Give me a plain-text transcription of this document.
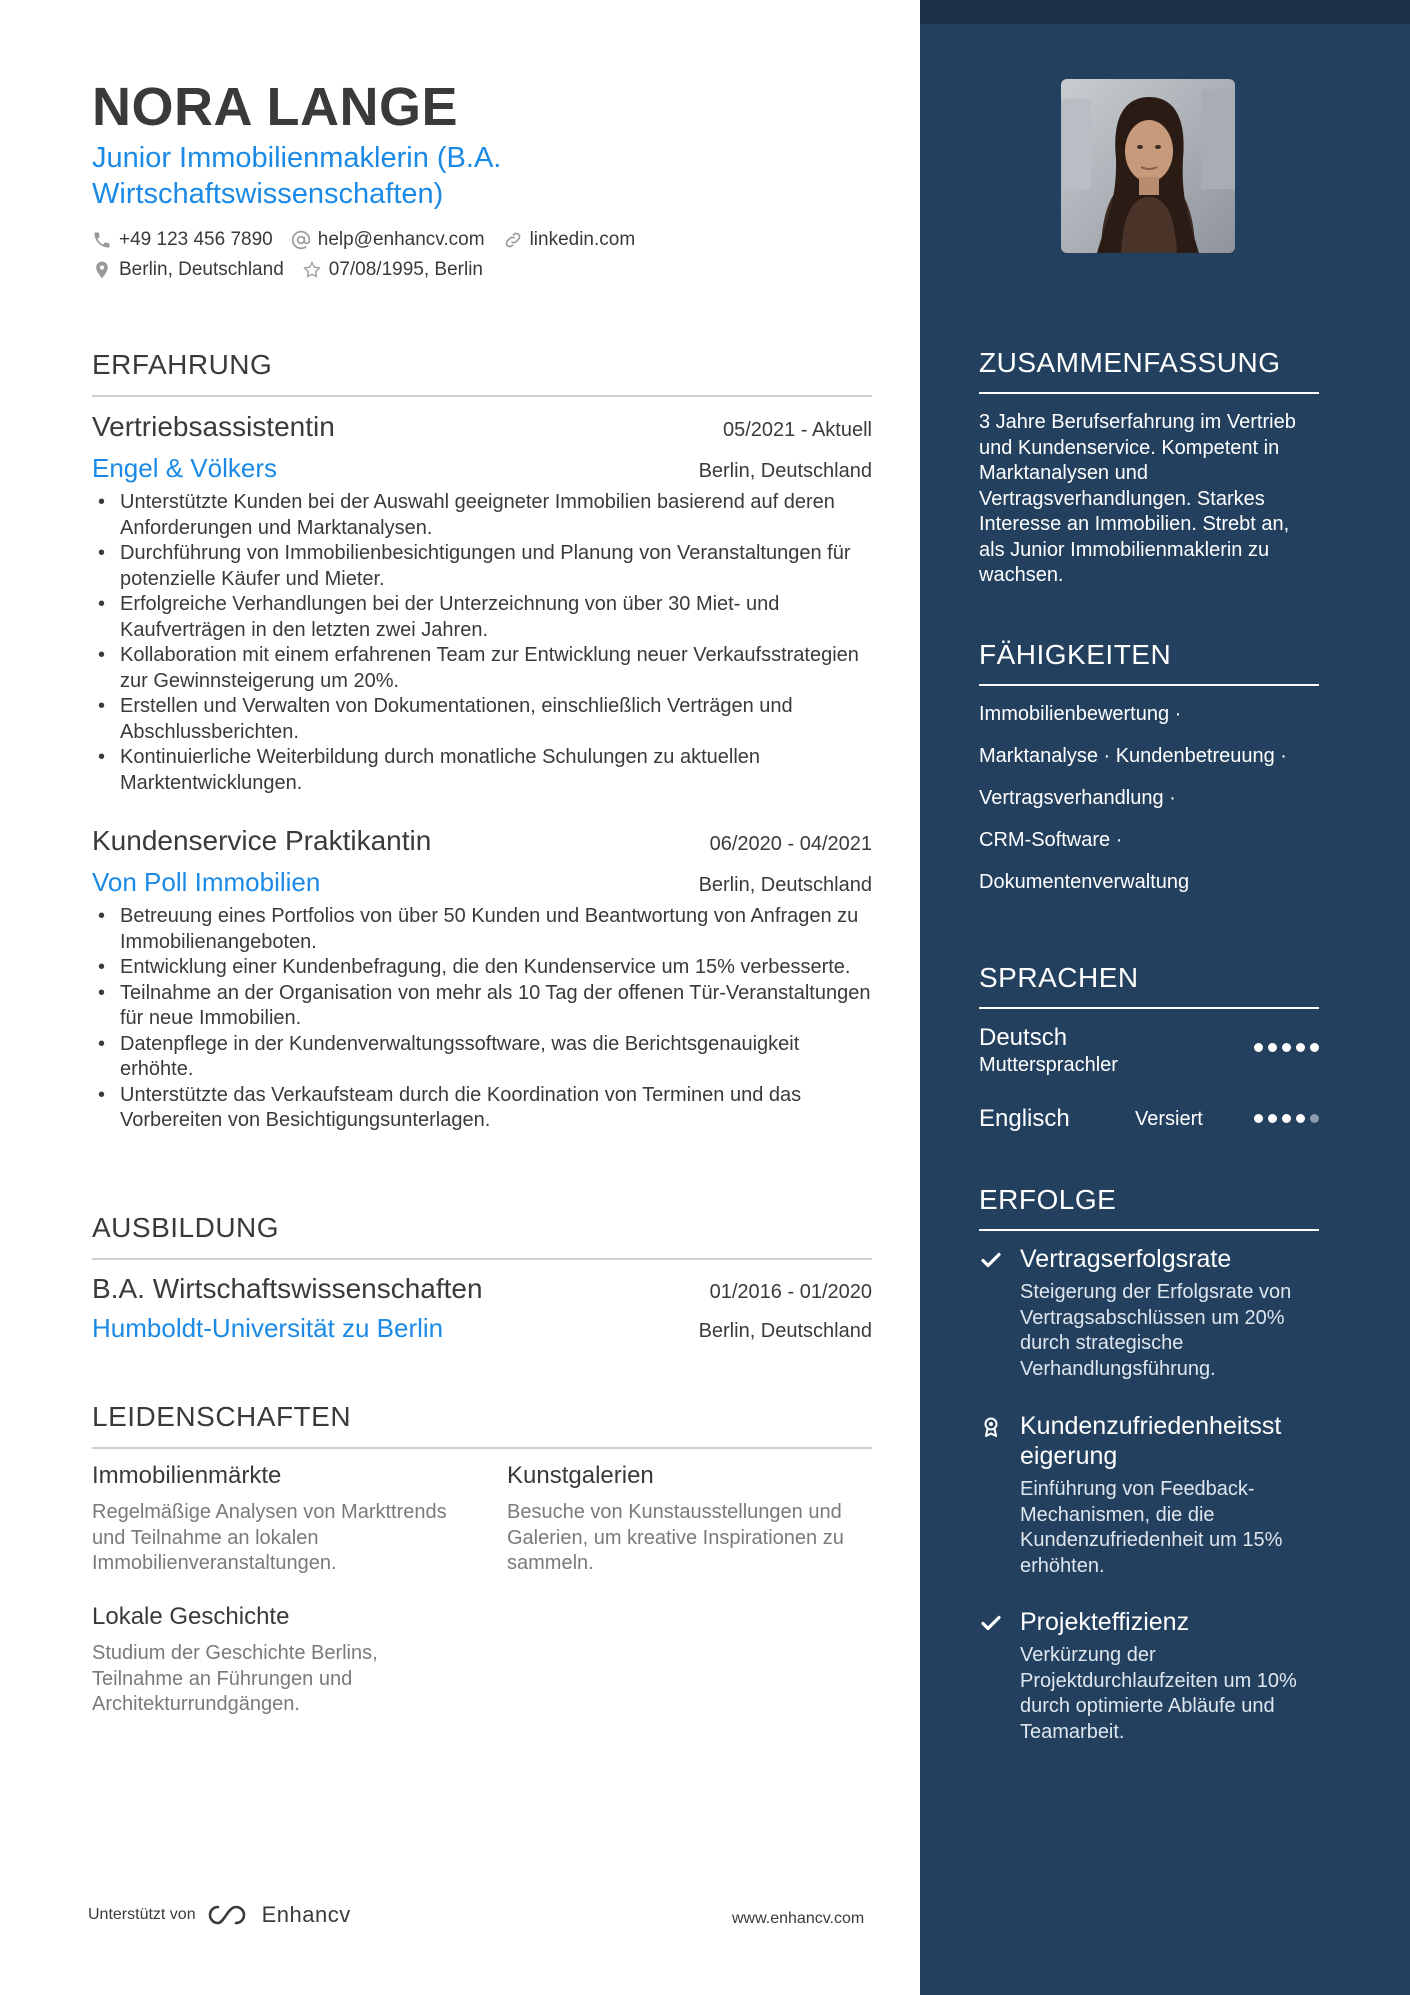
NORA LANGE
Junior Immobilienmaklerin (B.A. Wirtschaftswissenschaften)
+49 123 456 7890 help@enhancv.com linkedin.com
Berlin, Deutschland 07/08/1995, Berlin
ERFAHRUNG
Vertriebsassistentin	05/2021 - Aktuell
Engel & Völkers	Berlin, Deutschland
• Unterstützte Kunden bei der Auswahl geeigneter Immobilien basierend auf deren Anforderungen und Marktanalysen.
• Durchführung von Immobilienbesichtigungen und Planung von Veranstaltungen für potenzielle Käufer und Mieter.
• Erfolgreiche Verhandlungen bei der Unterzeichnung von über 30 Miet- und Kaufverträgen in den letzten zwei Jahren.
• Kollaboration mit einem erfahrenen Team zur Entwicklung neuer Verkaufsstrategien zur Gewinnsteigerung um 20%.
• Erstellen und Verwalten von Dokumentationen, einschließlich Verträgen und Abschlussberichten.
• Kontinuierliche Weiterbildung durch monatliche Schulungen zu aktuellen Marktentwicklungen.
Kundenservice Praktikantin	06/2020 - 04/2021
Von Poll Immobilien	Berlin, Deutschland
• Betreuung eines Portfolios von über 50 Kunden und Beantwortung von Anfragen zu Immobilienangeboten.
• Entwicklung einer Kundenbefragung, die den Kundenservice um 15% verbesserte.
• Teilnahme an der Organisation von mehr als 10 Tag der offenen Tür-Veranstaltungen für neue Immobilien.
• Datenpflege in der Kundenverwaltungssoftware, was die Berichtsgenauigkeit erhöhte.
• Unterstützte das Verkaufsteam durch die Koordination von Terminen und das Vorbereiten von Besichtigungsunterlagen.
AUSBILDUNG
B.A. Wirtschaftswissenschaften	01/2016 - 01/2020
Humboldt-Universität zu Berlin	Berlin, Deutschland
LEIDENSCHAFTEN
Immobilienmärkte
Regelmäßige Analysen von Markttrends und Teilnahme an lokalen Immobilienveranstaltungen.
Kunstgalerien
Besuche von Kunstausstellungen und Galerien, um kreative Inspirationen zu sammeln.
Lokale Geschichte
Studium der Geschichte Berlins, Teilnahme an Führungen und Architekturrundgängen.
Unterstützt von	Enhancv	www.enhancv.com
ZUSAMMENFASSUNG
3 Jahre Berufserfahrung im Vertrieb und Kundenservice. Kompetent in Marktanalysen und Vertragsverhandlungen. Starkes Interesse an Immobilien. Strebt an, als Junior Immobilienmaklerin zu wachsen.
FÄHIGKEITEN
Immobilienbewertung ·
Marktanalyse · Kundenbetreuung ·
Vertragsverhandlung ·
CRM-Software ·
Dokumentenverwaltung
SPRACHEN
Deutsch
Muttersprachler
Englisch	Versiert
ERFOLGE
Vertragserfolgsrate
Steigerung der Erfolgsrate von Vertragsabschlüssen um 20% durch strategische Verhandlungsführung.
Kundenzufriedenheitsst eigerung
Einführung von Feedback-Mechanismen, die die Kundenzufriedenheit um 15% erhöhten.
Projekteffizienz
Verkürzung der Projektdurchlaufzeiten um 10% durch optimierte Abläufe und Teamarbeit.
